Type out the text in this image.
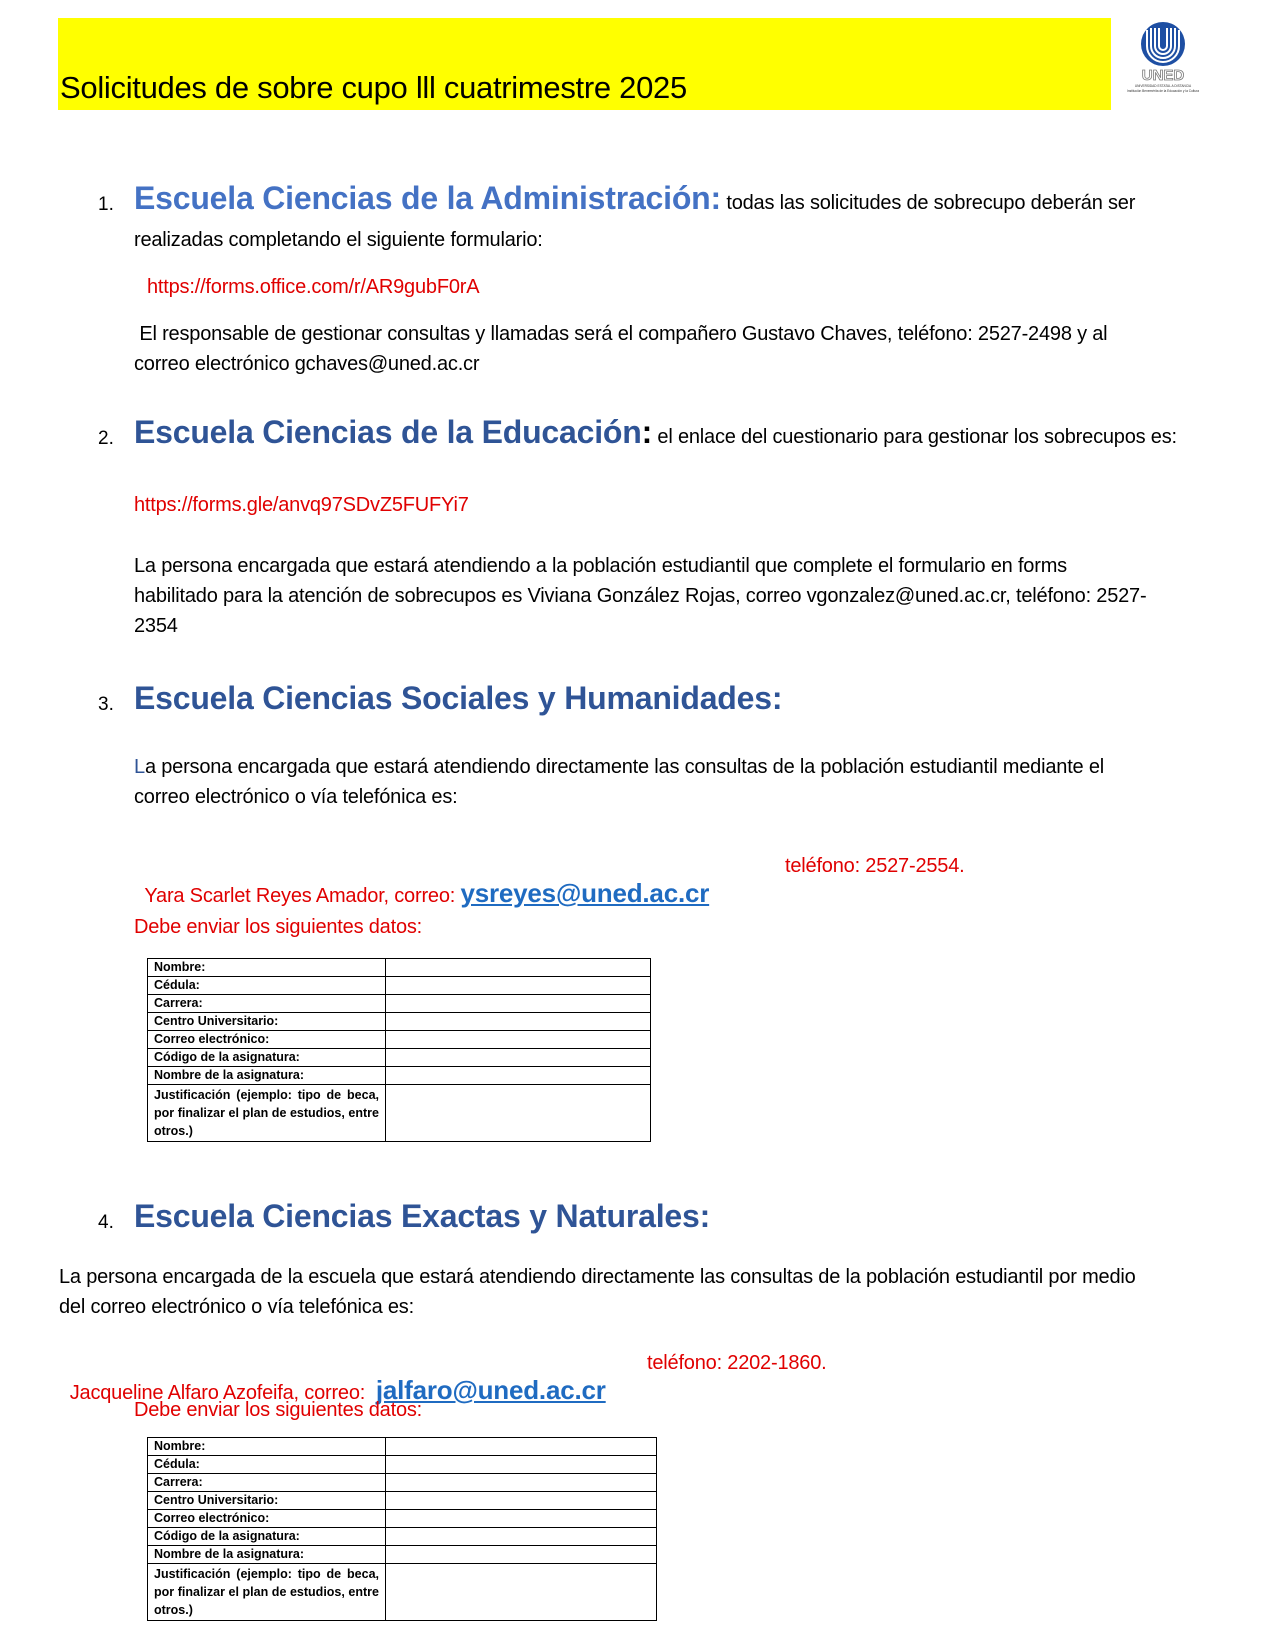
Solicitudes de sobre cupo lll cuatrimestre 2025	UNED
UNIVERSIDAD ESTATAL A DISTANCIA
Institución Benemérita de la Educación y la Cultura
1. Escuela Ciencias de la Administración: todas las solicitudes de sobrecupo deberán ser
realizadas completando el siguiente formulario:
https://forms.office.com/r/AR9gubF0rA
El responsable de gestionar consultas y llamadas será el compañero Gustavo Chaves, teléfono: 2527-2498 y al
correo electrónico gchaves@uned.ac.cr
2. Escuela Ciencias de la Educación: el enlace del cuestionario para gestionar los sobrecupos es:
https://forms.gle/anvq97SDvZ5FUFYi7
La persona encargada que estará atendiendo a la población estudiantil que complete el formulario en forms
habilitado para la atención de sobrecupos es Viviana González Rojas, correo vgonzalez@uned.ac.cr, teléfono: 2527-
2354
3. Escuela Ciencias Sociales y Humanidades:
La persona encargada que estará atendiendo directamente las consultas de la población estudiantil mediante el
correo electrónico o vía telefónica es:

Yara Scarlet Reyes Amador, correo: ysreyes@uned.ac.cr

teléfono: 2527-2554.
Debe enviar los siguientes datos:
Nombre:	
Cédula:	
Carrera:	
Centro Universitario:	
Correo electrónico:	
Código de la asignatura:	
Nombre de la asignatura:	
Justificación (ejemplo: tipo de beca, por finalizar el plan de estudios, entre otros.)	
4. Escuela Ciencias Exactas y Naturales:
La persona encargada de la escuela que estará atendiendo directamente las consultas de la población estudiantil por medio
del correo electrónico o vía telefónica es:

Jacqueline Alfaro Azofeifa, correo:  jalfaro@uned.ac.cr

teléfono: 2202-1860.
Debe enviar los siguientes datos:
Nombre:	
Cédula:	
Carrera:	
Centro Universitario:	
Correo electrónico:	
Código de la asignatura:	
Nombre de la asignatura:	
Justificación (ejemplo: tipo de beca, por finalizar el plan de estudios, entre otros.)	
